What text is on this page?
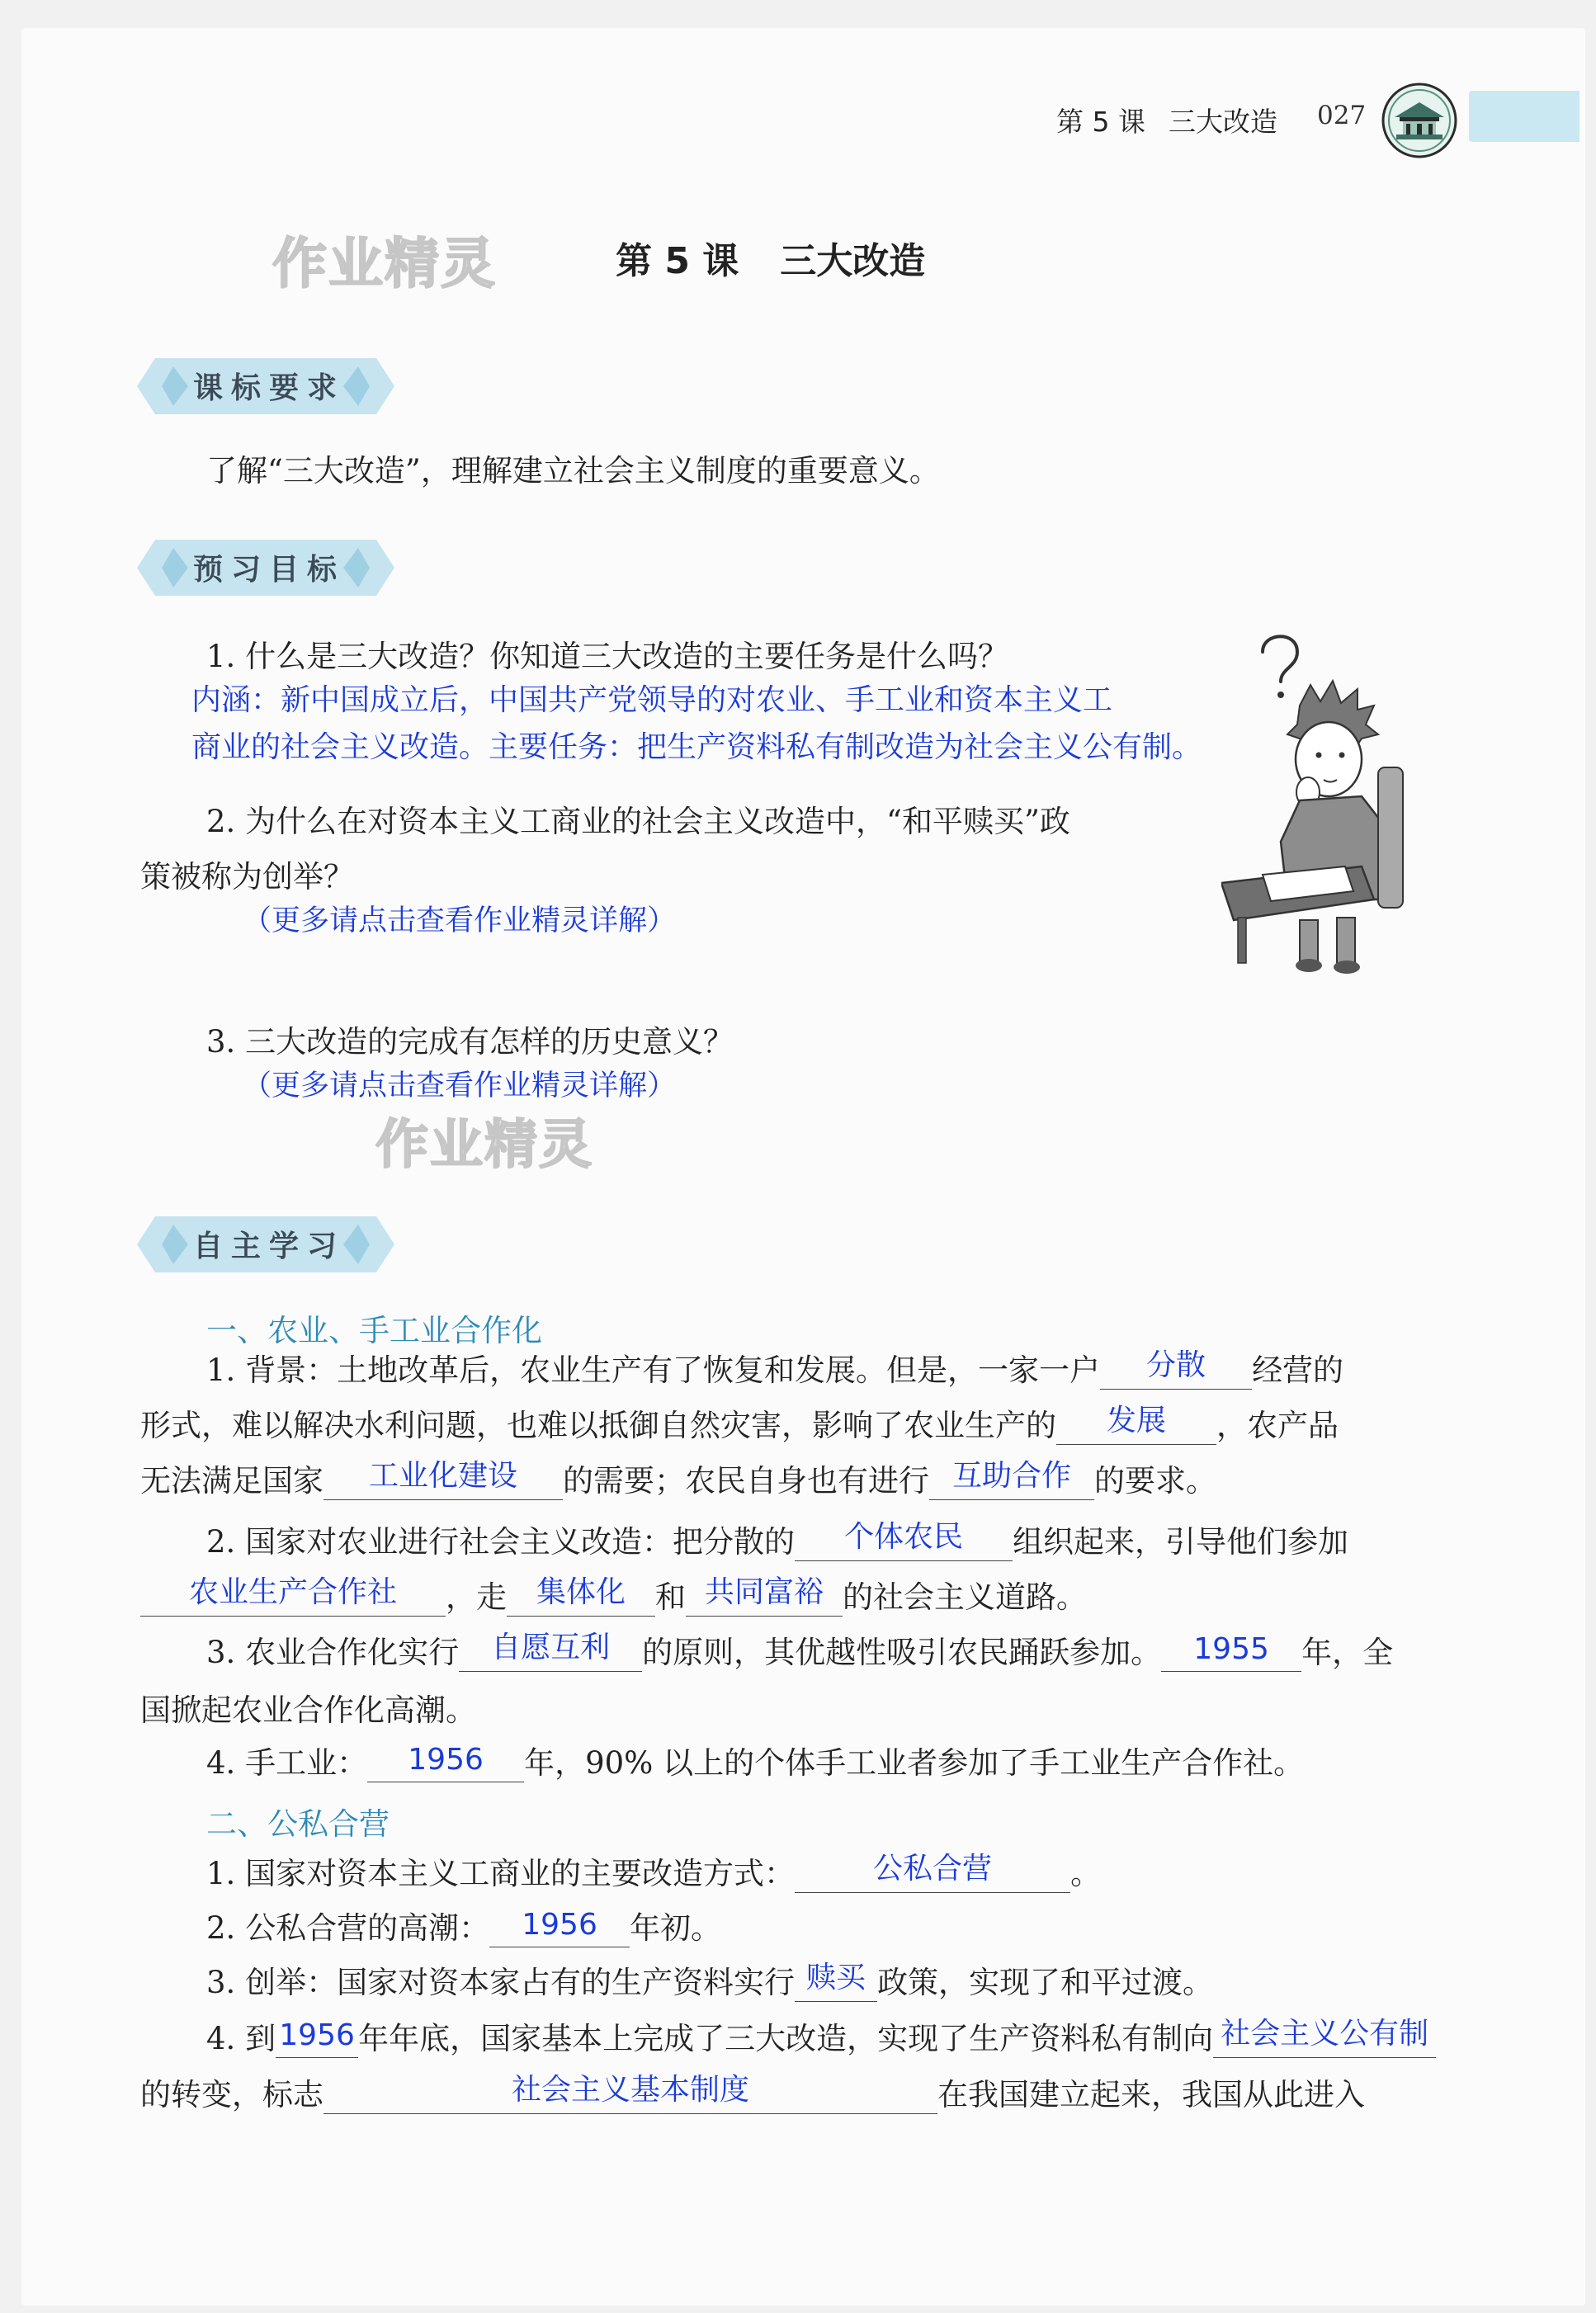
第 5 课 三大改造 027
作业精灵	第 5 课 三大改造
课标要求
了解“三大改造”，理解建立社会主义制度的重要意义。
预习目标
1. 什么是三大改造？你知道三大改造的主要任务是什么吗？
内涵：新中国成立后，中国共产党领导的对农业、手工业和资本主义工
商业的社会主义改造。主要任务：把生产资料私有制改造为社会主义公有制。
2. 为什么在对资本主义工商业的社会主义改造中，“和平赎买”政
策被称为创举？
（更多请点击查看作业精灵详解）
3. 三大改造的完成有怎样的历史意义？
（更多请点击查看作业精灵详解）
作业精灵
自主学习
一、农业、手工业合作化
1. 背景：土地改革后，农业生产有了恢复和发展。但是，一家一户	分散	经营的
形式，难以解决水利问题，也难以抵御自然灾害，影响了农业生产的	发展	，农产品
无法满足国家	工业化建设	的需要；农民自身也有进行 互助合作 的要求。
2. 国家对农业进行社会主义改造：把分散的	个体农民	组织起来，引导他们参加
农业生产合作社	，走 集体化 和 共同富裕 的社会主义道路。
3. 农业合作化实行	自愿互利	的原则，其优越性吸引农民踊跃参加。	1955	年，全
国掀起农业合作化高潮。
4. 手工业：	1956	年，90% 以上的个体手工业者参加了手工业生产合作社。
二、公私合营
1. 国家对资本主义工商业的主要改造方式：	公私合营	。
2. 公私合营的高潮：	1956	年初。
3. 创举：国家对资本家占有的生产资料实行 赎买 政策，实现了和平过渡。
4. 到 1956 年年底，国家基本上完成了三大改造，实现了生产资料私有制向 社会主义公有制
的转变，标志	社会主义基本制度	在我国建立起来，我国从此进入
